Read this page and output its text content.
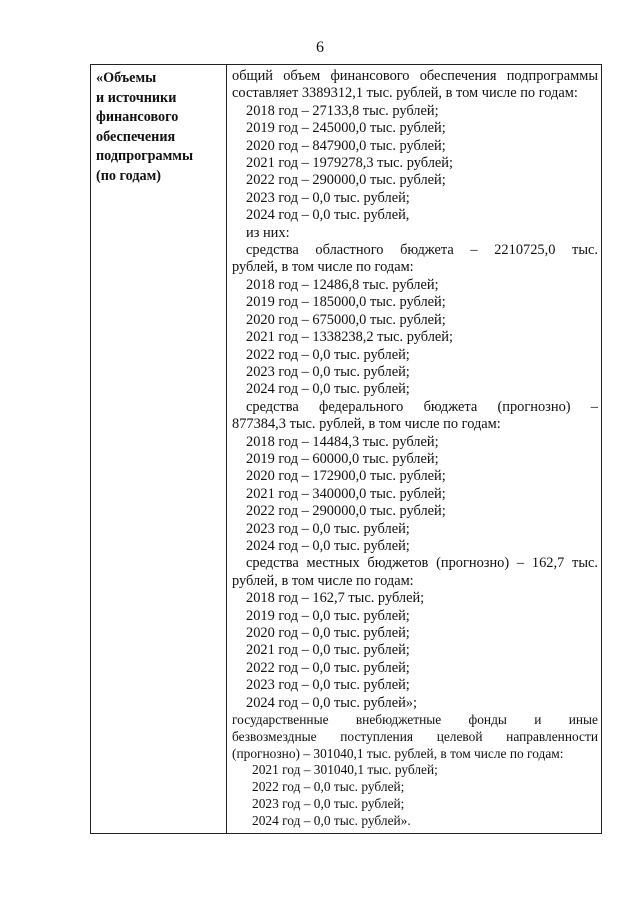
6
«Объемы
и источники
финансового
обеспечения
подпрограммы
(по годам)
общий объем финансового обеспечения подпрограммы
составляет 3389312,1 тыс. рублей, в том числе по годам:
2018 год – 27133,8 тыс. рублей;
2019 год – 245000,0 тыс. рублей;
2020 год – 847900,0 тыс. рублей;
2021 год – 1979278,3 тыс. рублей;
2022 год – 290000,0 тыс. рублей;
2023 год – 0,0 тыс. рублей;
2024 год – 0,0 тыс. рублей,
из них:
средства областного бюджета – 2210725,0 тыс.
рублей, в том числе по годам:
2018 год – 12486,8 тыс. рублей;
2019 год – 185000,0 тыс. рублей;
2020 год – 675000,0 тыс. рублей;
2021 год – 1338238,2 тыс. рублей;
2022 год – 0,0 тыс. рублей;
2023 год – 0,0 тыс. рублей;
2024 год – 0,0 тыс. рублей;
средства федерального бюджета (прогнозно) –
877384,3 тыс. рублей, в том числе по годам:
2018 год – 14484,3 тыс. рублей;
2019 год – 60000,0 тыс. рублей;
2020 год – 172900,0 тыс. рублей;
2021 год – 340000,0 тыс. рублей;
2022 год – 290000,0 тыс. рублей;
2023 год – 0,0 тыс. рублей;
2024 год – 0,0 тыс. рублей;
средства местных бюджетов (прогнозно) – 162,7 тыс.
рублей, в том числе по годам:
2018 год – 162,7 тыс. рублей;
2019 год – 0,0 тыс. рублей;
2020 год – 0,0 тыс. рублей;
2021 год – 0,0 тыс. рублей;
2022 год – 0,0 тыс. рублей;
2023 год – 0,0 тыс. рублей;
2024 год – 0,0 тыс. рублей»;
государственные внебюджетные фонды и иные
безвозмездные поступления целевой направленности
(прогнозно) – 301040,1 тыс. рублей, в том числе по годам:
2021 год – 301040,1 тыс. рублей;
2022 год – 0,0 тыс. рублей;
2023 год – 0,0 тыс. рублей;
2024 год – 0,0 тыс. рублей».
